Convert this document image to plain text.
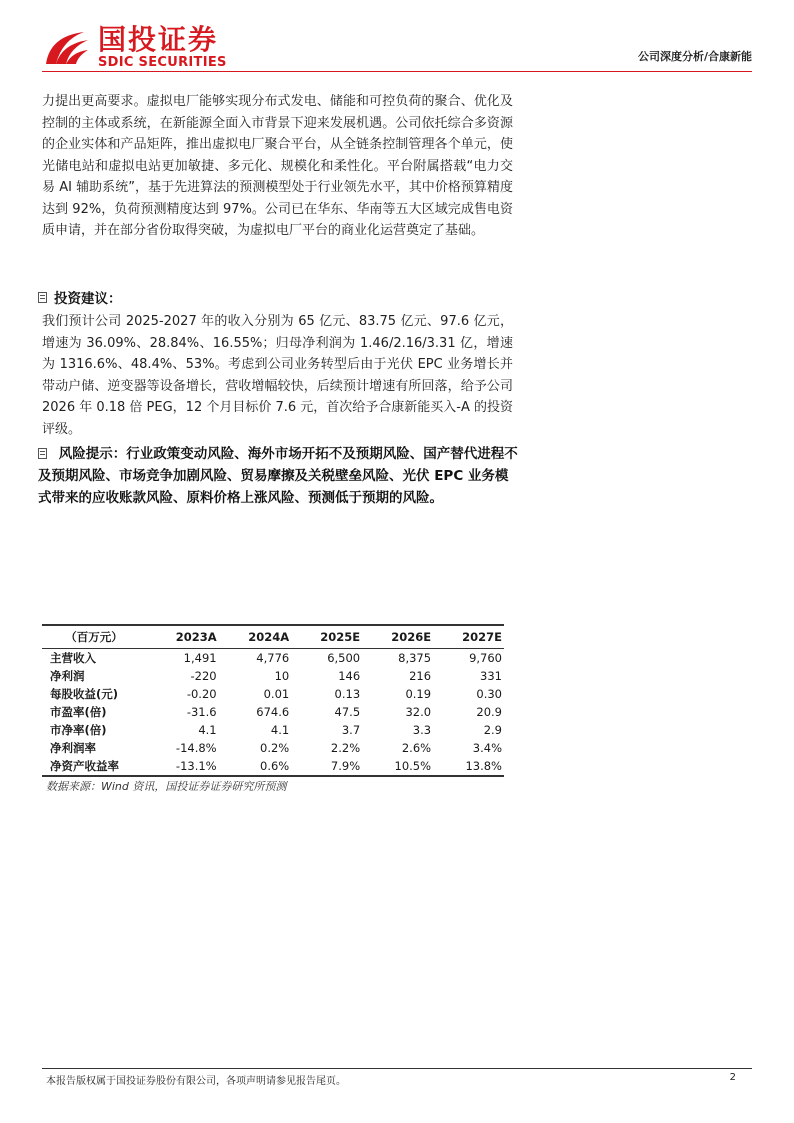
国投证券
SDIC SECURITIES	公司深度分析/合康新能
力提出更高要求。虚拟电厂能够实现分布式发电、储能和可控负荷的聚合、优化及控制的主体或系统，在新能源全面入市背景下迎来发展机遇。公司依托综合多资源的企业实体和产品矩阵，推出虚拟电厂聚合平台，从全链条控制管理各个单元，使光储电站和虚拟电站更加敏捷、多元化、规模化和柔性化。平台附属搭载“电力交易 AI 辅助系统”，基于先进算法的预测模型处于行业领先水平，其中价格预算精度达到 92%，负荷预测精度达到 97%。公司已在华东、华南等五大区域完成售电资质申请，并在部分省份取得突破，为虚拟电厂平台的商业化运营奠定了基础。
投资建议：
我们预计公司 2025-2027 年的收入分别为 65 亿元、83.75 亿元、97.6 亿元，增速为 36.09%、28.84%、16.55%；归母净利润为 1.46/2.16/3.31 亿，增速为 1316.6%、48.4%、53%。考虑到公司业务转型后由于光伏 EPC 业务增长并带动户储、逆变器等设备增长，营收增幅较快，后续预计增速有所回落，给予公司 2026 年 0.18 倍 PEG，12 个月目标价 7.6 元，首次给予合康新能买入-A 的投资评级。
风险提示：行业政策变动风险、海外市场开拓不及预期风险、国产替代进程不及预期风险、市场竞争加剧风险、贸易摩擦及关税壁垒风险、光伏 EPC 业务模式带来的应收账款风险、原料价格上涨风险、预测低于预期的风险。
（百万元）	2023A	2024A	2025E	2026E	2027E
主营收入	1,491	4,776	6,500	8,375	9,760
净利润	-220	10	146	216	331
每股收益(元)	-0.20	0.01	0.13	0.19	0.30
市盈率(倍)	-31.6	674.6	47.5	32.0	20.9
市净率(倍)	4.1	4.1	3.7	3.3	2.9
净利润率	-14.8%	0.2%	2.2%	2.6%	3.4%
净资产收益率	-13.1%	0.6%	7.9%	10.5%	13.8%
数据来源：Wind 资讯，国投证券证券研究所预测
本报告版权属于国投证券股份有限公司，各项声明请参见报告尾页。	2
